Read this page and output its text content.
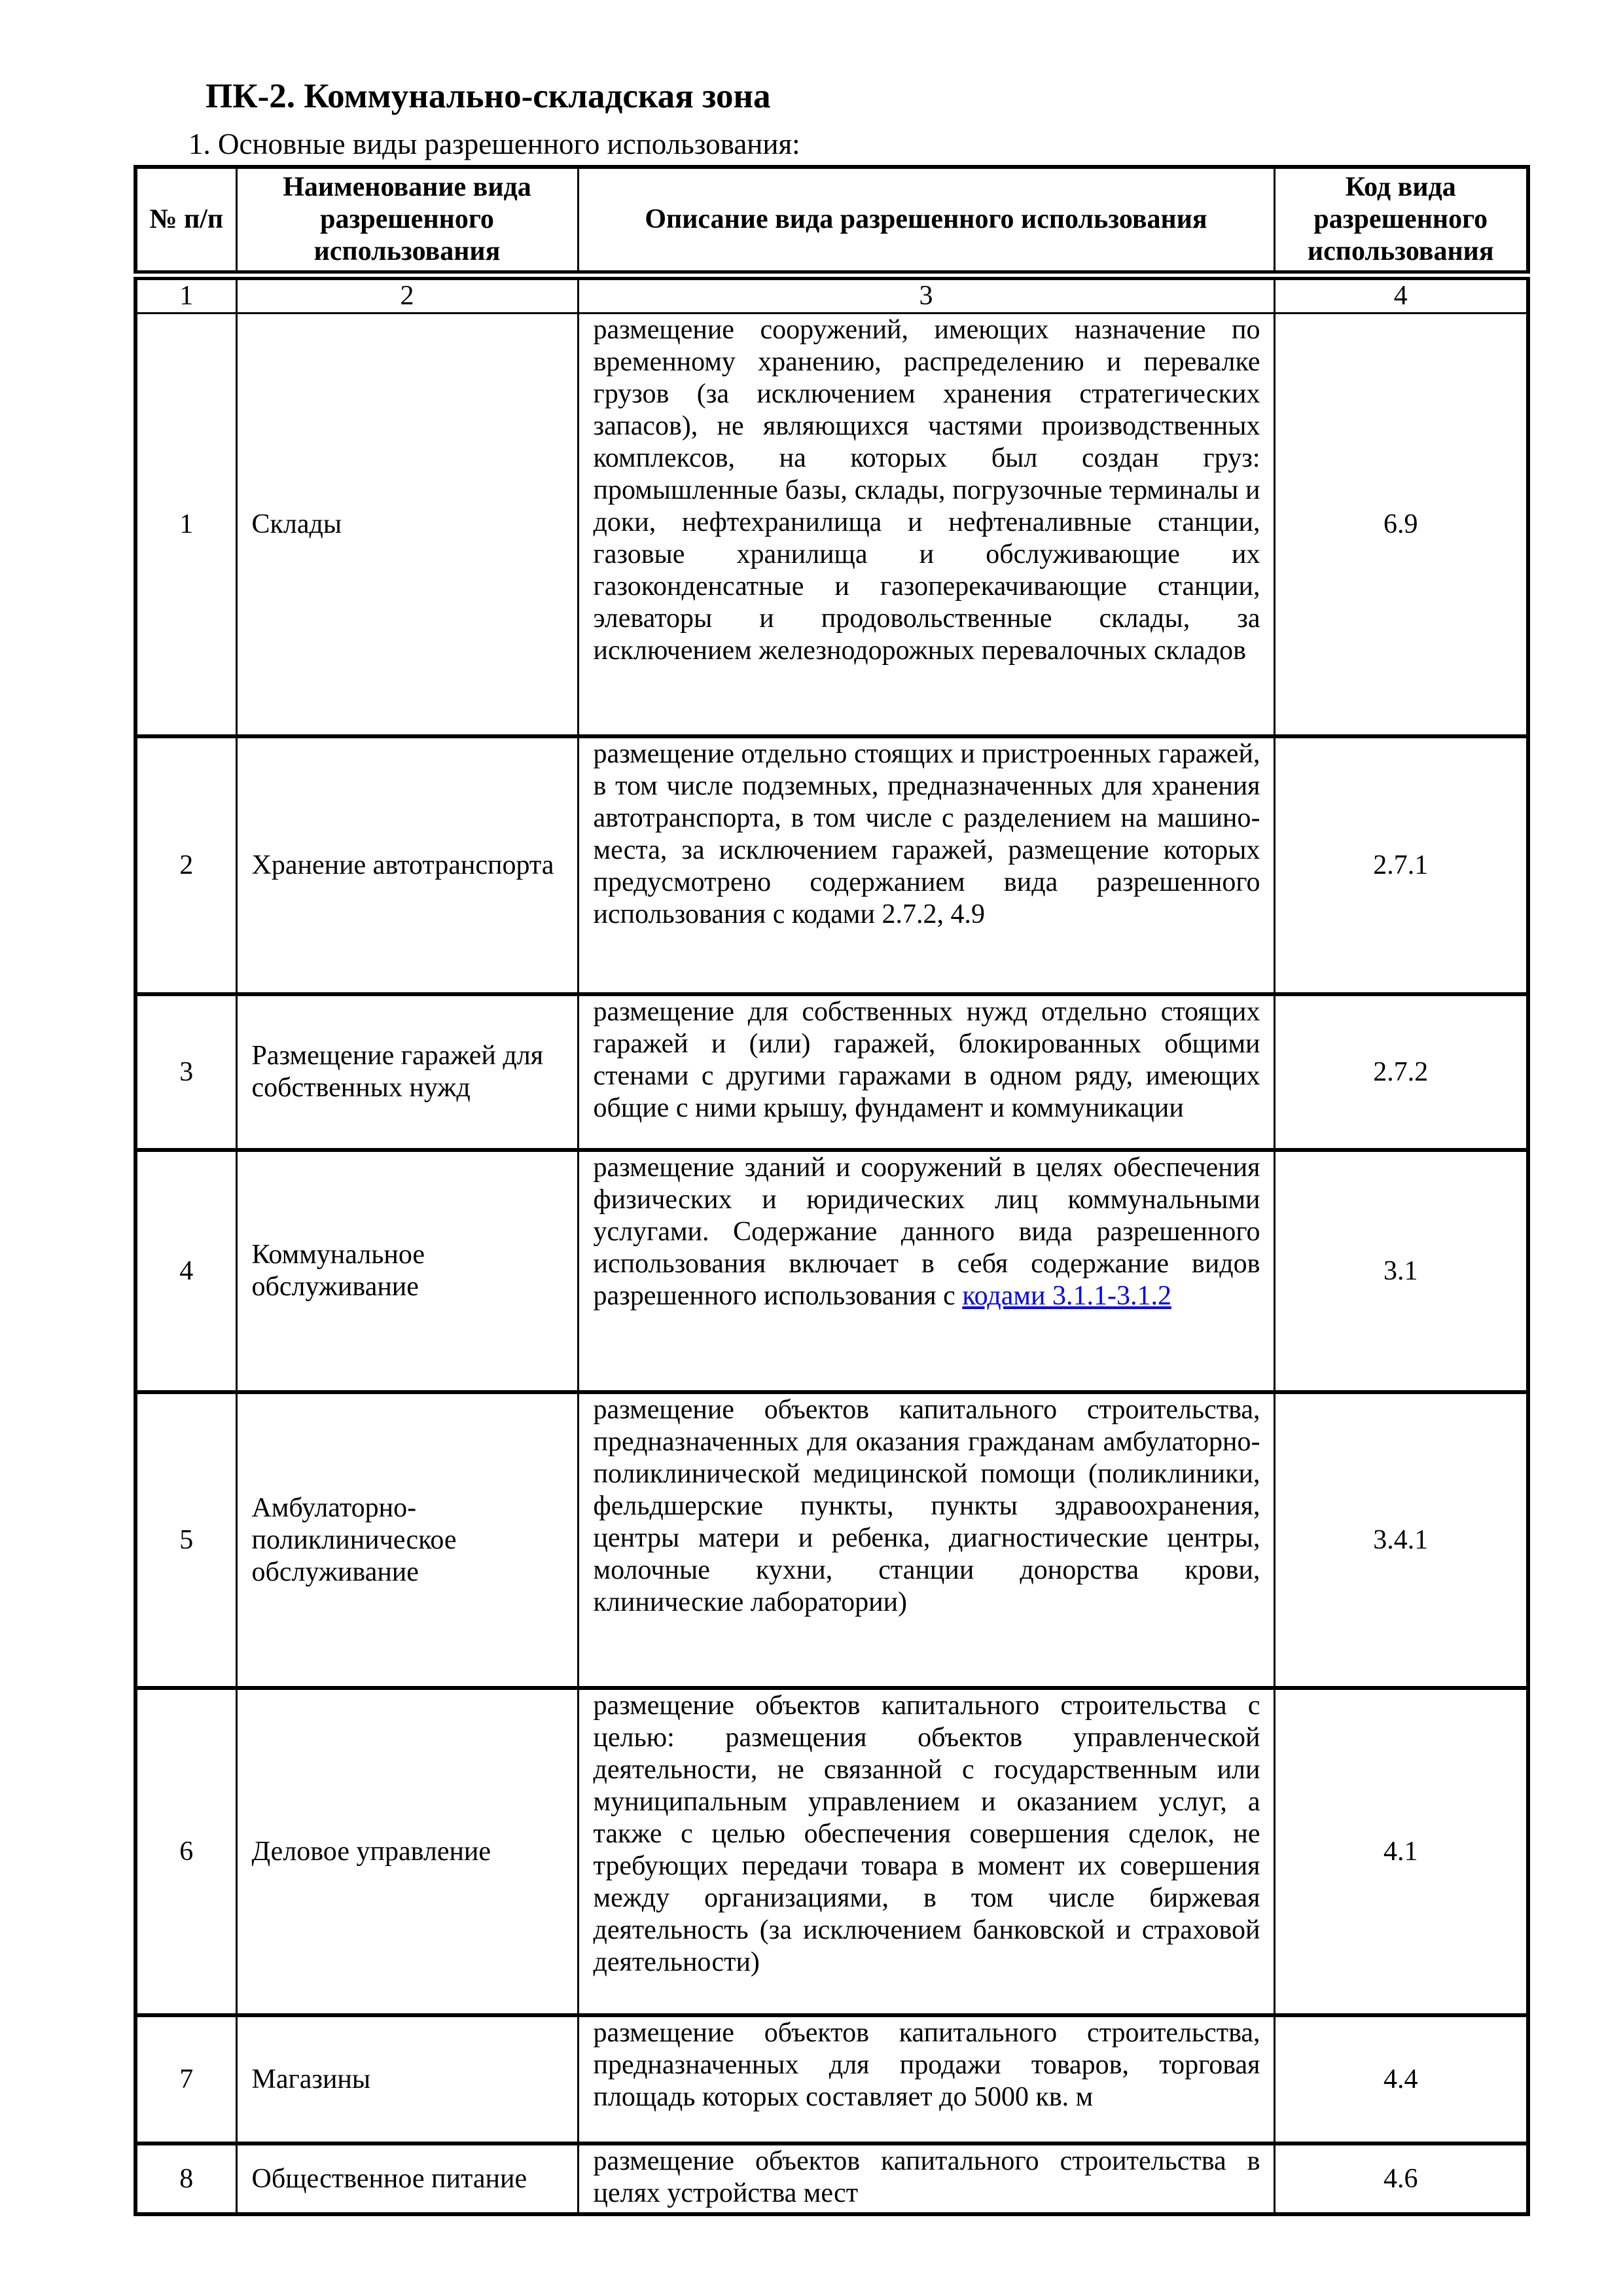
ПК-2. Коммунально-складская зона
1. Основные виды разрешенного использования:
№ п/п	Наименование вида разрешенного использования	Описание вида разрешенного использования	Код вида разрешенного использования
1	2	3	4
1	Склады	размещение сооружений, имеющих назначение по временному хранению, распределению и перевалке грузов (за исключением хранения стратегических запасов), не являющихся частями производственных комплексов, на которых был создан груз: промышленные базы, склады, погрузочные терминалы и доки, нефтехранилища и нефтеналивные станции, газовые хранилища и обслуживающие их газоконденсатные и газоперекачивающие станции, элеваторы и продовольственные склады, за исключением железнодорожных перевалочных складов	6.9
2	Хранение автотранспорта	размещение отдельно стоящих и пристроенных гаражей, в том числе подземных, предназначенных для хранения автотранспорта, в том числе с разделением на машино-места, за исключением гаражей, размещение которых предусмотрено содержанием вида разрешенного использования с кодами 2.7.2, 4.9	2.7.1
3	Размещение гаражей для собственных нужд	размещение для собственных нужд отдельно стоящих гаражей и (или) гаражей, блокированных общими стенами с другими гаражами в одном ряду, имеющих общие с ними крышу, фундамент и коммуникации	2.7.2
4	Коммунальное обслуживание	размещение зданий и сооружений в целях обеспечения физических и юридических лиц коммунальными услугами. Содержание данного вида разрешенного использования включает в себя содержание видов разрешенного использования с кодами 3.1.1-3.1.2	3.1
5	Амбулаторно-поликлиническое обслуживание	размещение объектов капитального строительства, предназначенных для оказания гражданам амбулаторно-поликлинической медицинской помощи (поликлиники, фельдшерские пункты, пункты здравоохранения, центры матери и ребенка, диагностические центры, молочные кухни, станции донорства крови, клинические лаборатории)	3.4.1
6	Деловое управление	размещение объектов капитального строительства с целью: размещения объектов управленческой деятельности, не связанной с государственным или муниципальным управлением и оказанием услуг, а также с целью обеспечения совершения сделок, не требующих передачи товара в момент их совершения между организациями, в том числе биржевая деятельность (за исключением банковской и страховой деятельности)	4.1
7	Магазины	размещение объектов капитального строительства, предназначенных для продажи товаров, торговая площадь которых составляет до 5000 кв. м	4.4
8	Общественное питание	размещение объектов капитального строительства в целях устройства мест	4.6
